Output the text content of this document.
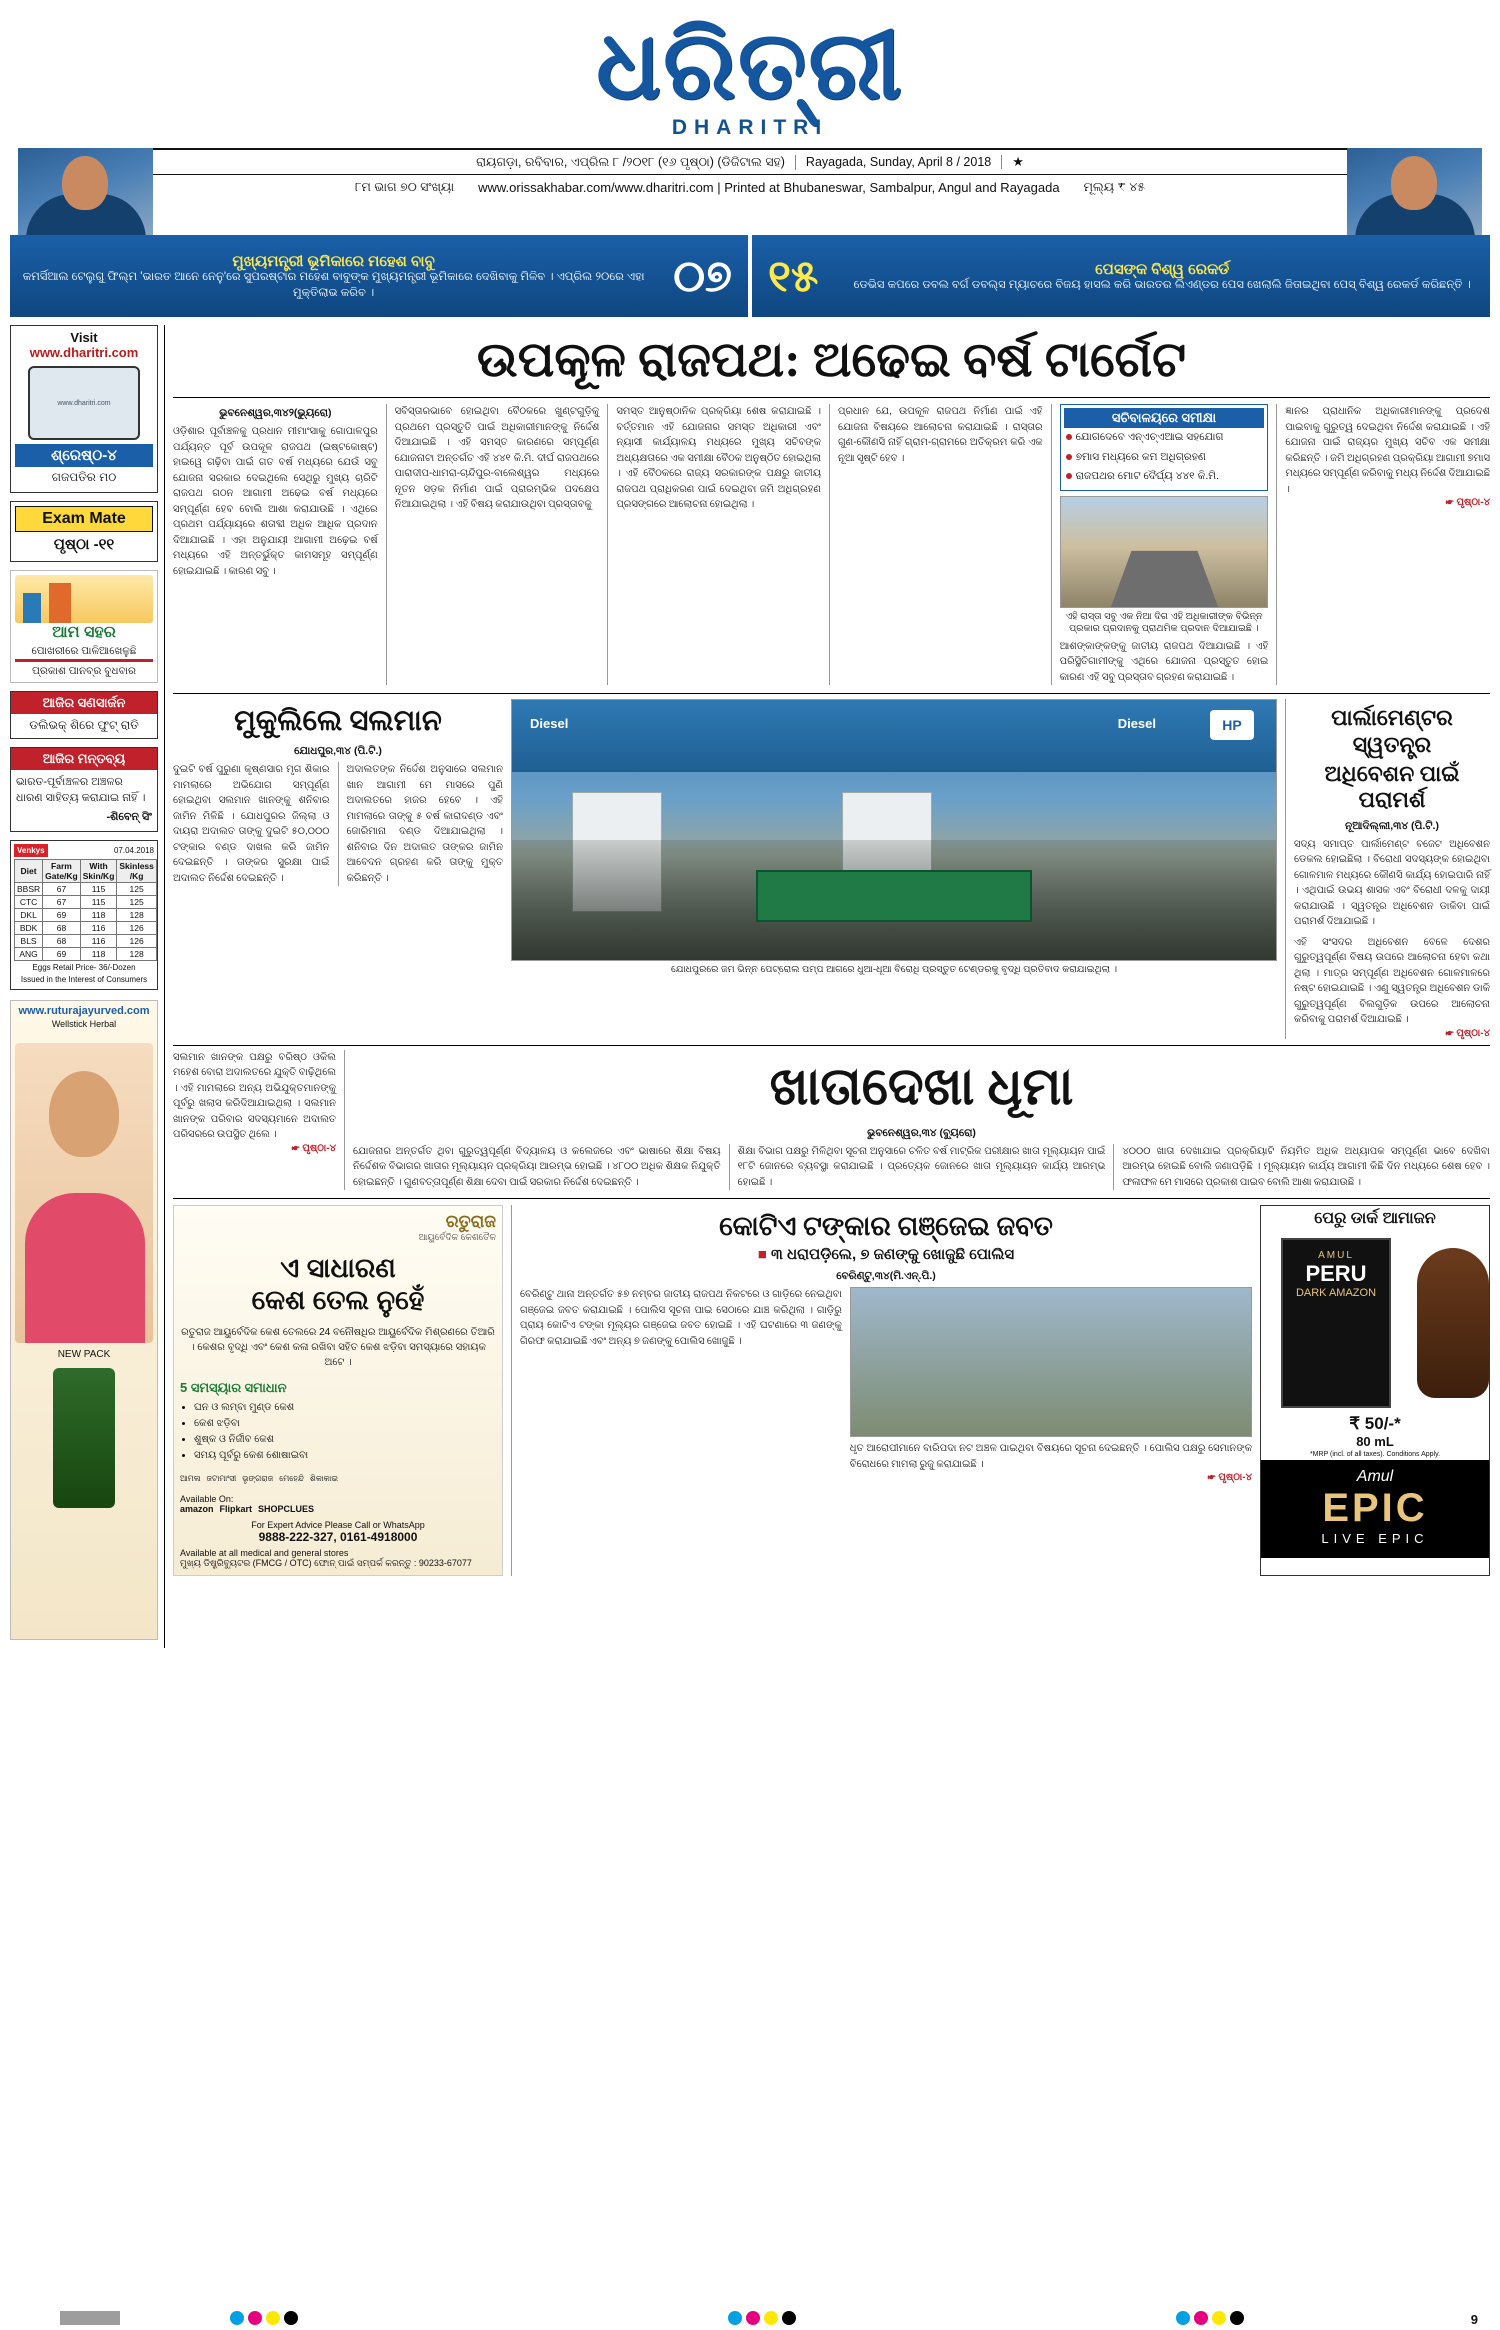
ଧରିତ୍ରୀ
DHARITRI
ରାୟଗଡ଼ା, ରବିବାର, ଏପ୍ରିଲ ୮ /୨୦୧୮ (୧୬ ପୃଷ୍ଠା) (ଡିଜିଟାଲ ସହ)	Rayagada, Sunday, April 8 / 2018	★
୮ମ ଭାଗ ୭୦ ସଂଖ୍ୟା	www.orissakhabar.com/www.dharitri.com | Printed at Bhubaneswar, Sambalpur, Angul and Rayagada	ମୂଲ୍ୟ ₹ ୪୫
ମୁଖ୍ୟମନ୍ତ୍ରୀ ଭୂମିକାରେ ମହେଶ ବାବୁ
କମର୍ସିଆଲ ଟେଲୁଗୁ ଫିଲ୍ମ 'ଭାରତ ଆନେ ନେନୁ'ରେ ସୁପରଷ୍ଟାର ମହେଶ ବାବୁଙ୍କ ମୁଖ୍ୟମନ୍ତ୍ରୀ ଭୂମିକାରେ ଦେଖିବାକୁ ମିଳିବ । ଏପ୍ରିଲ ୨୦ରେ ଏହା ମୁକ୍ତିଲାଭ କରିବ ।	୦୭ ୧୫	ପେସଙ୍କ ବିଶ୍ୱ ରେକର୍ଡ
ଡେଭିସ କପରେ ଡବଲ ବର୍ଗ ଡବଲ୍ସ ମ୍ୟାଚରେ ବିଜୟ ହାସଲ କରି ଭାରତର ଲିଏଣ୍ଡର ପେସ ଖେଲାଲି ଜିତାଇଥିବା ପେସ୍ ବିଶ୍ୱ ରେକର୍ଡ କରିଛନ୍ତି ।
Visit
www.dharitri.com
www.dharitri.com
ଶ୍ରେଷ୍ଠ-୪
ଗଜପତିର ମଠ
Exam Mate
ପୃଷ୍ଠା -୧୧
ଆମ ସହର
ପୋଖରୀରେ ପାଳିଆଖେଳୁଛି
ପ୍ରକାଶ ପାନବ୍ର ବୁଧବାର
ଆଜିର ସଣସାର୍ଜନ
ଡଲିଭକ୍ ଶିରେ ଫୁଟ୍ ରାତି
ଆଜିର ମନ୍ତବ୍ୟ
ଭାରତ-ପୂର୍ବାଞ୍ଚଳର ଅଞ୍ଚଳର ଧାରଣ ସାହିତ୍ୟ କରାଯାଇ ନାହିଁ ।
-ଶିବେନ୍ ସିଂ
Venkys	07.04.2018
Diet	Farm Gate/Kg	With Skin/Kg	Skinless /Kg
BBSR	67	115	125
CTC	67	115	125
DKL	69	118	128
BDK	68	116	126
BLS	68	116	126
ANG	69	118	128
Eggs Retail Price- 36/-Dozen
Issued in the Interest of Consumers
www.ruturajayurved.com
Wellstick Herbal
NEW PACK
ଉପକୂଳ ରାଜପଥ: ଅଢେଇ ବର୍ଷ ଟାର୍ଗେଟ
ଭୁବନେଶ୍ୱର,୩୪୨(ଭ୍ୟୁରୋ)
ଓଡ଼ିଶାର ପୂର୍ବାଞ୍ଚଳକୁ ପ୍ରଧାନ ମୀମାଂସାକୁ ଗୋପାଳପୁର ପର୍ଯ୍ୟନ୍ତ ପୂର୍ବ ଉପକୂଳ ରାଜପଥ (ଇଷ୍ଟକୋଷ୍ଟ) ହାଇୱେ ଗଢ଼ିବା ପାଇଁ ଗତ ବର୍ଷ ମଧ୍ୟରେ ଯେଉଁ ସବୁ ଯୋଜନା ସରକାର ଦେଇଥିଲେ ସେଥିରୁ ମୁଖ୍ୟ ଚାରିଟି ରାଜପଥ ଗଠନ ଆଗାମୀ ଅଢେଇ ବର୍ଷ ମଧ୍ୟରେ ସମ୍ପୂର୍ଣ୍ଣ ହେବ ବୋଲି ଆଶା କରାଯାଉଛି । ଏଥିରେ ପ୍ରଥମ ପର୍ଯ୍ୟାୟରେ ଶତାବ୍ଦୀ ଅଧିକ ଆଧିକ ପ୍ରଦାନ ଦିଆଯାଇଛି । ଏହା ଅନୁଯାୟୀ ଆଗାମୀ ଅଢ଼େଇ ବର୍ଷ ମଧ୍ୟରେ ଏହି ଅନ୍ତର୍ଭୁକ୍ତ କାମସମୂହ ସମ୍ପୂର୍ଣ୍ଣ ହୋଇଯାଇଛି । କାରଣ ସବୁ ।
ସବିସ୍ତାରଭାବେ ହୋଇଥିବା ବୈଠକରେ ଖୁଣ୍ଟଗୁଡ଼ିକୁ ପ୍ରଥମେ ପ୍ରସ୍ତୁତି ପାଇଁ ଅଧିକାରୀମାନଙ୍କୁ ନିର୍ଦ୍ଦେଶ ଦିଆଯାଇଛି । ଏହି ସମସ୍ତ କାରଣରେ ସମ୍ପୂର୍ଣ୍ଣ ଯୋଜନାଟା ଅନ୍ତର୍ଗତ ଏହି ୪୪୧ କି.ମି. ଦୀର୍ଘ ରାଜପଥରେ ପାରାଦୀପ-ଧାମରା-ଚାନ୍ଦିପୁର-ବାଲେଶ୍ୱର ମଧ୍ୟରେ ନୂତନ ସଡ଼କ ନିର୍ମାଣ ପାଇଁ ପ୍ରାରମ୍ଭିକ ପଦକ୍ଷେପ ନିଆଯାଇଥିଲା । ଏହି ବିଷୟ କରାଯାଉଥିବା ପ୍ରସ୍ତାବକୁ
ସମସ୍ତ ଆନୁଷ୍ଠାନିକ ପ୍ରକ୍ରିୟା ଶେଷ କରାଯାଇଛି । ବର୍ତ୍ତମାନ ଏହି ଯୋଜନାର ସମସ୍ତ ଅଧିକାରୀ ଏବଂ ନ୍ୟାସୀ କାର୍ଯ୍ୟାଳୟ ମଧ୍ୟରେ ମୁଖ୍ୟ ସଚିବଙ୍କ ଅଧ୍ୟକ୍ଷତାରେ ଏକ ସମୀକ୍ଷା ବୈଠକ ଅନୁଷ୍ଠିତ ହୋଇଥିଲା । ଏହି ବୈଠକରେ ରାଜ୍ୟ ସରକାରଙ୍କ ପକ୍ଷରୁ ଜାତୀୟ ରାଜପଥ ପ୍ରାଧିକରଣ ପାଇଁ ଦେଇଥିବା ଜମି ଅଧିଗ୍ରହଣ ପ୍ରସଙ୍ଗରେ ଆଲୋଚନା ହୋଇଥିଲା ।
ପ୍ରଧାନ ଯେ, ଉପକୂଳ ରାଜପଥ ନିର୍ମାଣ ପାଇଁ ଏହି ଯୋଜନା ବିଷୟରେ ଆଲୋଚନା କରାଯାଇଛି । ରାସ୍ତାର ଗୁଣ-କୌଣସି ନାହିଁ ଗ୍ରାମ-ଗ୍ରାମରେ ଅତିକ୍ରମ କରି ଏକ ନୂଆ ସୃଷ୍ଟି ହେବ ।
ସଚିବାଳୟରେ ସମୀକ୍ଷା
ଯୋଗଦେବେ ଏନ୍‌ଏଚ୍‌ଏଆଇ ସହଯୋଗ
୭ମାସ ମଧ୍ୟରେ କମ ଅଧିଗ୍ରହଣ
ରାଜପଥର ମୋଟ ଦୈର୍ଘ୍ୟ ୪୪୧ କି.ମି.
ଏହି ରାସ୍ତା ସବୁ ଏକ ନିଆ ଦିଗ ଏହି ଅଧିକାରୀଙ୍କ ବିଭିନ୍ନ ପ୍ରକାର ପ୍ରଦାନକୁ ପ୍ରାଥମିକ ପ୍ରଦାନ ଦିଆଯାଇଛି ।
ଆଶଙ୍କାଙ୍କଙ୍କୁ ଜାତୀୟ ରାଜପଥ ଦିଆଯାଇଛି । ଏହି ପରିସ୍ଥିତିଗାମୀଙ୍କୁ ଏଥିରେ ଯୋଜନା ପ୍ରସ୍ତୁତ ହୋଇ କାରଣ ଏହି ସବୁ ପ୍ରସ୍ତାବ ଗ୍ରହଣ କରାଯାଇଛି ।
ଜ୍ଞାନର ପ୍ରାଧାନିକ ଅଧିକାରୀମାନଙ୍କୁ ପ୍ରଦେଶ ପାଇବାକୁ ଗୁରୁତ୍ୱ ଦେଇଥିବା ନିର୍ଦ୍ଦେଶ କରାଯାଇଛି । ଏହି ଯୋଜନା ପାଇଁ ରାଜ୍ୟର ମୁଖ୍ୟ ସଚିବ ଏକ ସମୀକ୍ଷା କରିଛନ୍ତି । ଜମି ଅଧିଗ୍ରହଣ ପ୍ରକ୍ରିୟା ଆଗାମୀ ୭ମାସ ମଧ୍ୟରେ ସମ୍ପୂର୍ଣ୍ଣ କରିବାକୁ ମଧ୍ୟ ନିର୍ଦ୍ଦେଶ ଦିଆଯାଇଛି ।
☛ ପୃଷ୍ଠା-୪
ମୁକୁଲିଲେ ସଲମାନ
ଯୋଧପୁର,୩୪ (ପି.ଟି.)
ଦୁଇଟି ବର୍ଷ ପୁରୁଣା କୃଷ୍ଣସାର ମୃଗ ଶିକାର ମାମଲାରେ ଅଭିଯୋଗ ସମ୍ପୂର୍ଣ୍ଣ ହୋଇଥିବା ସଲମାନ ଖାନଙ୍କୁ ଶନିବାର ଜାମିନ ମିଳିଛି । ଯୋଧପୁରର ଜିଲ୍ଲା ଓ ଦାୟରା ଅଦାଲତ ତାଙ୍କୁ ଦୁଇଟି ୫୦,୦୦୦ ଟଙ୍କାର ବଣ୍ଡ ଦାଖଲ କରି ଜାମିନ ଦେଇଛନ୍ତି । ତାଙ୍କର ସୁରକ୍ଷା ପାଇଁ ଅଦାଲତ ନିର୍ଦ୍ଦେଶ ଦେଇଛନ୍ତି ।
ଅଦାଲତଙ୍କ ନିର୍ଦ୍ଦେଶ ଅନୁସାରେ ସଲମାନ ଖାନ ଆଗାମୀ ମେ ମାସରେ ପୁଣି ଅଦାଲତରେ ହାଜର ହେବେ । ଏହି ମାମଲାରେ ତାଙ୍କୁ ୫ ବର୍ଷ କାରାଦଣ୍ଡ ଏବଂ ଜୋରିମାନା ଦଣ୍ଡ ଦିଆଯାଇଥିଲା । ଶନିବାର ଦିନ ଅଦାଲତ ତାଙ୍କର ଜାମିନ ଆବେଦନ ଗ୍ରହଣ କରି ତାଙ୍କୁ ମୁକ୍ତ କରିଛନ୍ତି ।
Diesel	Diesel	HP
ଯୋଧପୁରରେ ଜମ ଭିନ୍ନ ପେଟ୍ରୋଲ ପମ୍ପ ଆଗରେ ଧୁଆ-ଧୂଆ ବିରୋଧି ପ୍ରସ୍ତୁତ ଟେଣ୍ଡରକୁ ବୃଦ୍ଧି ପ୍ରତିବାଦ କରାଯାଇଥିଲା ।
ପାର୍ଲାମେଣ୍ଟର ସ୍ୱତନ୍ତ୍ର
ଅଧିବେଶନ ପାଇଁ ପରାମର୍ଶ
ନୂଆଦିଲ୍ଲୀ,୩୪ (ପି.ଟି.)
ସଦ୍ୟ ସମାପ୍ତ ପାର୍ଲାମେଣ୍ଟ ବଜେଟ ଅଧିବେଶନ ଡେକଲ ହୋଇଛିଲା । ବିରୋଧୀ ସଦସ୍ୟଙ୍କ ହୋଇଥିବା ଗୋଳମାଳ ମଧ୍ୟରେ କୌଣସି କାର୍ଯ୍ୟ ହୋଇପାରି ନାହିଁ । ଏଥିପାଇଁ ଉଭୟ ଶାସକ ଏବଂ ବିରୋଧୀ ଦଳକୁ ଦାୟୀ କରାଯାଉଛି । ସ୍ୱତନ୍ତ୍ର ଅଧିବେଶନ ଡାକିବା ପାଇଁ ପରାମର୍ଶ ଦିଆଯାଇଛି ।
ଏହି ସଂସଦର ଅଧିବେଶନ ବେଳେ ଦେଶର ଗୁରୁତ୍ୱପୂର୍ଣ୍ଣ ବିଷୟ ଉପରେ ଆଲୋଚନା ହେବା କଥା ଥିଲା । ମାତ୍ର ସମ୍ପୂର୍ଣ୍ଣ ଅଧିବେଶନ ଗୋଳମାଳରେ ନଷ୍ଟ ହୋଇଯାଇଛି । ଏଣୁ ସ୍ୱତନ୍ତ୍ର ଅଧିବେଶନ ଡାକି ଗୁରୁତ୍ୱପୂର୍ଣ୍ଣ ବିଲଗୁଡ଼ିକ ଉପରେ ଆଲୋଚନା କରିବାକୁ ପରାମର୍ଶ ଦିଆଯାଇଛି ।
☛ ପୃଷ୍ଠା-୪
ସଲମାନ ଖାନଙ୍କ ପକ୍ଷରୁ ବରିଷ୍ଠ ଓକିଲ ମହେଶ ବୋରା ଅଦାଲତରେ ଯୁକ୍ତି ବାଢ଼ିଥିଲେ । ଏହି ମାମଲାରେ ଅନ୍ୟ ଅଭିଯୁକ୍ତମାନଙ୍କୁ ପୂର୍ବରୁ ଖଲାସ କରିଦିଆଯାଇଥିଲା । ସଲମାନ ଖାନଙ୍କ ପରିବାର ସଦସ୍ୟମାନେ ଅଦାଲତ ପରିସରରେ ଉପସ୍ଥିତ ଥିଲେ ।
☛ ପୃଷ୍ଠା-୪
ଖାତାଦେଖା ଧୂମା
ଭୁବନେଶ୍ୱର,୩୪ (ବ୍ୟୁରୋ)
ଯୋଜନାର ଅନ୍ତର୍ଗତ ଥିବା ଗୁରୁତ୍ୱପୂର୍ଣ୍ଣ ବିଦ୍ୟାଳୟ ଓ କଲେଜରେ ଏବଂ ଭାଷାରେ ଶିକ୍ଷା ବିଷୟ ନିର୍ଦ୍ଦେଶକ ବିଭାଗର ଖାତାର ମୂଲ୍ୟାୟନ ପ୍ରକ୍ରିୟା ଆରମ୍ଭ ହୋଇଛି । ୪୮୦୦ ଅଧିକ ଶିକ୍ଷକ ନିଯୁକ୍ତି ହୋଇଛନ୍ତି । ଗୁଣବତ୍ତାପୂର୍ଣ୍ଣ ଶିକ୍ଷା ଦେବା ପାଇଁ ସରକାର ନିର୍ଦ୍ଦେଶ ଦେଇଛନ୍ତି ।
ଶିକ୍ଷା ବିଭାଗ ପକ୍ଷରୁ ମିଳିଥିବା ସୂଚନା ଅନୁସାରେ ଚଳିତ ବର୍ଷ ମାଟ୍ରିକ ପରୀକ୍ଷାର ଖାତା ମୂଲ୍ୟାୟନ ପାଇଁ ୧୮ଟି ଜୋନରେ ବ୍ୟବସ୍ଥା କରାଯାଇଛି । ପ୍ରତ୍ୟେକ ଜୋନରେ ଖାତା ମୂଲ୍ୟାୟନ କାର୍ଯ୍ୟ ଆରମ୍ଭ ହୋଇଛି ।
୪୦୦୦ ଖାତା ଦେଖାଯାଇ ପ୍ରକ୍ରିୟାଟି ନିୟମିତ ଅଧିକ ଅଧ୍ୟାପକ ସମ୍ପୂର୍ଣ୍ଣ ଭାବେ ଦେଖିବା ଆରମ୍ଭ ହୋଇଛି ବୋଲି ଜଣାପଡ଼ିଛି । ମୂଲ୍ୟାୟନ କାର୍ଯ୍ୟ ଆଗାମୀ କିଛି ଦିନ ମଧ୍ୟରେ ଶେଷ ହେବ । ଫଳାଫଳ ମେ ମାସରେ ପ୍ରକାଶ ପାଇବ ବୋଲି ଆଶା କରାଯାଉଛି ।
ରତୁରାଜ
ଆୟୁର୍ବେଦିକ କେଶତୈଳ
ଏ ସାଧାରଣ
କେଶ ତେଲ ନୁହେଁ
ରତୁରାଜ ଆୟୁର୍ବେଦିକ କେଶ ତେଲରେ 24 ବନୌଷଧିର ଆୟୁର୍ବେଦିକ ମିଶ୍ରଣରେ ତିଆରି । କେଶର ବୃଦ୍ଧି ଏବଂ କେଶ କଳା ରଖିବା ସହିତ କେଶ ଝଡ଼ିବା ସମସ୍ୟାରେ ସହାୟକ ଅଟେ ।
5 ସମସ୍ୟାର ସମାଧାନ
• ଘନ ଓ ଲମ୍ବା ମୁଣ୍ଡ କେଶ
• କେଶ ଝଡ଼ିବା
• ଶୁଷ୍କ ଓ ନିର୍ଜୀବ କେଶ
• ସମୟ ପୂର୍ବରୁ କେଶ ଶୋଷାଇବା
ଆମଳା ଜଟାମାଂସୀ ଭୃଙ୍ଗରାଜ ମେହେନ୍ଦି ଶିକାକାଇ
Available On:
amazon Flipkart SHOPCLUES
For Expert Advice Please Call or WhatsApp
9888-222-327, 0161-4918000
Available at all medical and general stores
ମୁଖ୍ୟ ଡିଷ୍ଟ୍ରିବ୍ୟୁଟର (FMCG / OTC) ଫୋନ୍ ପାଇଁ ସମ୍ପର୍କ କରନ୍ତୁ : 90233-67077
କୋଟିଏ ଟଙ୍କାର ଗଞ୍ଜେଇ ଜବତ
■ ୩ ଧରାପଡ଼ିଲେ, ୭ ଜଣଙ୍କୁ ଖୋଜୁଛି ପୋଲିସ
ବେରିଣ୍ଟୁ,୩୪(ମି.ଏନ୍.ପି.)
ବେରିଣ୍ଟୁ ଥାନା ଅନ୍ତର୍ଗତ ୫୭ ନମ୍ବର ଜାତୀୟ ରାଜପଥ ନିକଟରେ ଓ ଗାଡ଼ିରେ ନେଇଥିବା ଗଞ୍ଜେଇ ଜବତ କରାଯାଇଛି । ପୋଲିସ ସୂଚନା ପାଇ ସେଠାରେ ଯାଞ୍ଚ କରିଥିଲା । ଗାଡ଼ିରୁ ପ୍ରାୟ କୋଟିଏ ଟଙ୍କା ମୂଲ୍ୟର ଗଞ୍ଜେଇ ଜବତ ହୋଇଛି । ଏହି ଘଟଣାରେ ୩ ଜଣଙ୍କୁ ଗିରଫ କରାଯାଇଛି ଏବଂ ଅନ୍ୟ ୭ ଜଣଙ୍କୁ ପୋଲିସ ଖୋଜୁଛି ।
ଧୃତ ଆରୋପୀମାନେ ବାରିପଦା ନଟ ଅଞ୍ଚଳ ପାଇଥିବା ବିଷୟରେ ସୂଚନା ଦେଇଛନ୍ତି । ପୋଲିସ ପକ୍ଷରୁ ସେମାନଙ୍କ ବିରୋଧରେ ମାମଲା ରୁଜୁ କରାଯାଇଛି ।
☛ ପୃଷ୍ଠା-୪
ପେରୁ ଡାର୍କ ଆମାଜନ
AMUL
PERU
DARK AMAZON
₹ 50/-*
80 mL
*MRP (incl. of all taxes). Conditions Apply.
Amul
EPIC
LIVE EPIC
9
